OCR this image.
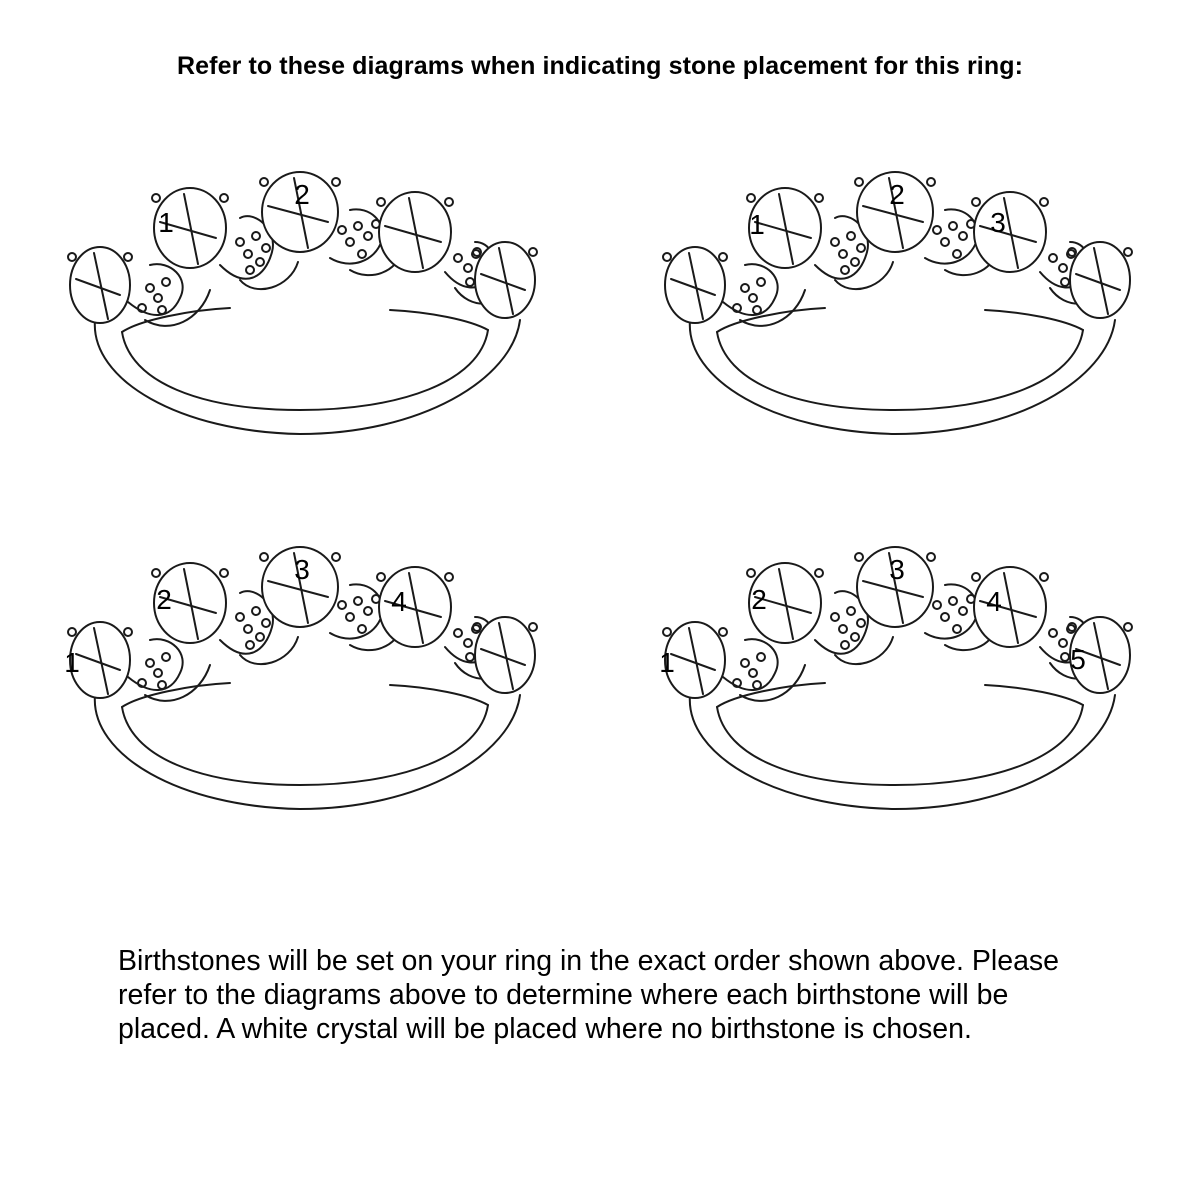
Refer to these diagrams when indicating stone placement for this ring:
1
2
1
2
3
1
2
3
4
1
2
3
4
5
Birthstones will be set on your ring in the exact order shown above. Please refer to the diagrams above to determine where each birthstone will be placed. A white crystal will be placed where no birthstone is chosen.
